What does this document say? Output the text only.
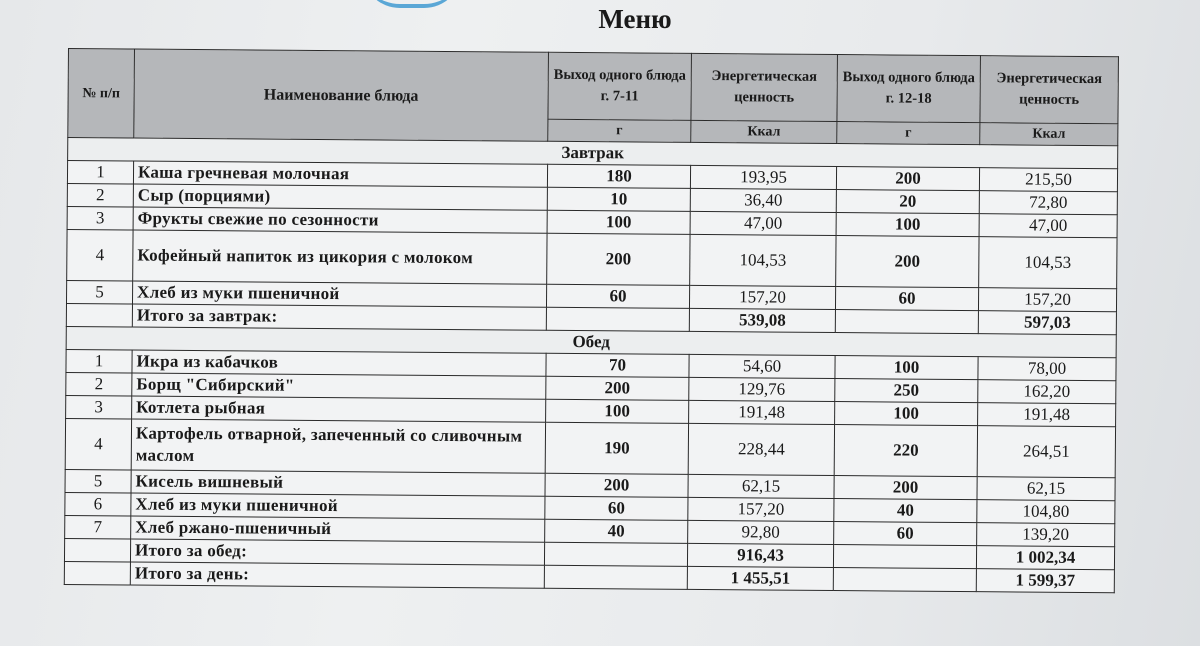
Меню
№ п/п	Наименование блюда	Выход одного блюда г. 7-11	Энергетическая ценность	Выход одного блюда г. 12-18	Энергетическая ценность
		г	Ккал	г	Ккал
Завтрак					
1	Каша гречневая молочная	180	193,95	200	215,50
2	Сыр (порциями)	10	36,40	20	72,80
3	Фрукты свежие по сезонности	100	47,00	100	47,00
4	Кофейный напиток из цикория с молоком	200	104,53	200	104,53
5	Хлеб из муки пшеничной	60	157,20	60	157,20
	Итого за завтрак:		539,08		597,03
Обед					
1	Икра из кабачков	70	54,60	100	78,00
2	Борщ "Сибирский"	200	129,76	250	162,20
3	Котлета рыбная	100	191,48	100	191,48
4	Картофель отварной, запеченный со сливочным маслом	190	228,44	220	264,51
5	Кисель вишневый	200	62,15	200	62,15
6	Хлеб из муки пшеничной	60	157,20	40	104,80
7	Хлеб ржано-пшеничный	40	92,80	60	139,20
	Итого за обед:		916,43		1 002,34
	Итого за день:		1 455,51		1 599,37
